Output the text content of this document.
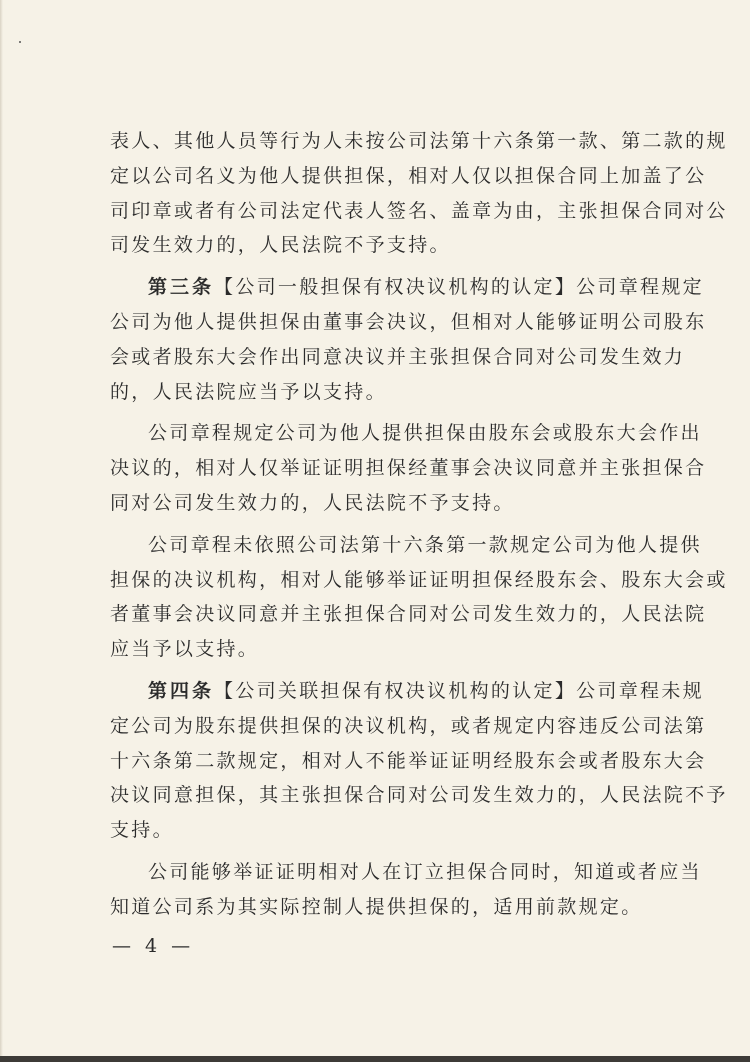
表人、其他人员等行为人未按公司法第十六条第一款、第二款的规
定以公司名义为他人提供担保，相对人仅以担保合同上加盖了公
司印章或者有公司法定代表人签名、盖章为由，主张担保合同对公
司发生效力的，人民法院不予支持。
第三条【公司一般担保有权决议机构的认定】公司章程规定
公司为他人提供担保由董事会决议，但相对人能够证明公司股东
会或者股东大会作出同意决议并主张担保合同对公司发生效力
的，人民法院应当予以支持。
公司章程规定公司为他人提供担保由股东会或股东大会作出
决议的，相对人仅举证证明担保经董事会决议同意并主张担保合
同对公司发生效力的，人民法院不予支持。
公司章程未依照公司法第十六条第一款规定公司为他人提供
担保的决议机构，相对人能够举证证明担保经股东会、股东大会或
者董事会决议同意并主张担保合同对公司发生效力的，人民法院
应当予以支持。
第四条【公司关联担保有权决议机构的认定】公司章程未规
定公司为股东提供担保的决议机构，或者规定内容违反公司法第
十六条第二款规定，相对人不能举证证明经股东会或者股东大会
决议同意担保，其主张担保合同对公司发生效力的，人民法院不予
支持。
公司能够举证证明相对人在订立担保合同时，知道或者应当
知道公司系为其实际控制人提供担保的，适用前款规定。
— 4 —
